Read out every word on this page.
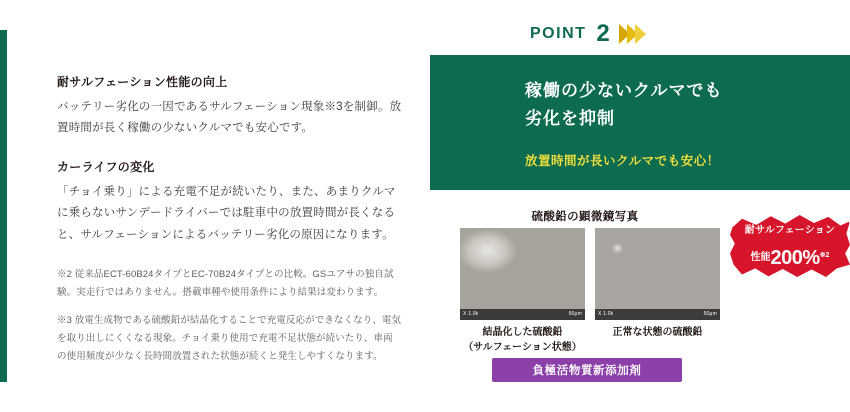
耐サルフェーション性能の向上

バッテリー劣化の一因であるサルフェーション現象※3を制御。放置時間が長く稼働の少ないクルマでも安心です。

カーライフの変化

「チョイ乗り」による充電不足が続いたり、また、あまりクルマに乗らないサンデードライバーでは駐車中の放置時間が長くなると、サルフェーションによるバッテリー劣化の原因になります。

※2 従来品ECT-60B24タイプとEC-70B24タイプとの比較。GSユアサの独自試験。実走行ではありません。搭載車種や使用条件により結果は変わります。

※3 放電生成物である硫酸鉛が結晶化することで充電反応ができなくなり、電気を取り出しにくくなる現象。チョイ乗り使用で充電不足状態が続いたり、車両の使用頻度が少なく長時間放置された状態が続くと発生しやすくなります。

POINT 2
稼働の少ないクルマでも
劣化を抑制
放置時間が長いクルマでも安心！
硫酸鉛の顕微鏡写真
X 1.0k	50μm
結晶化した硫酸鉛
（サルフェーション状態）
X 1.0k	50μm
正常な状態の硫酸鉛
負極活物質新添加剤
耐サルフェーション
$^{性能}$200%$^{※2}$
